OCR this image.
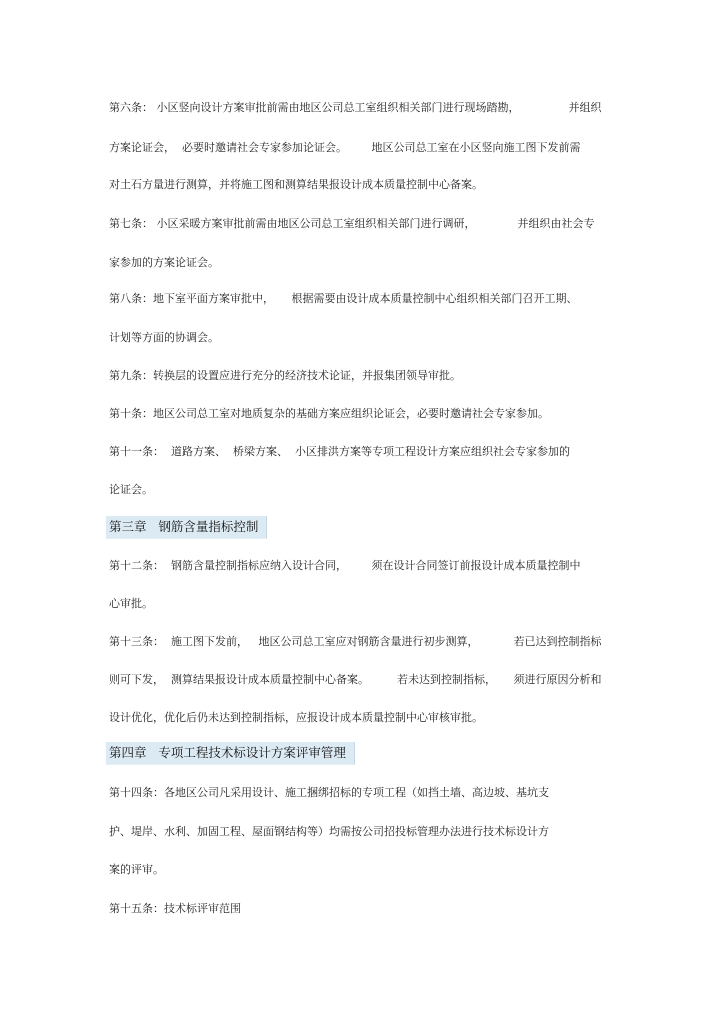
第六条： 小区竖向设计方案审批前需由地区公司总工室组织相关部门进行现场踏勘，              并组织
方案论证会，  必要时邀请社会专家参加论证会。       地区公司总工室在小区竖向施工图下发前需
对土石方量进行测算，并将施工图和测算结果报设计成本质量控制中心备案。
第七条： 小区采暖方案审批前需由地区公司总工室组织相关部门进行调研，            并组织由社会专
家参加的方案论证会。
第八条：地下室平面方案审批中，     根据需要由设计成本质量控制中心组织相关部门召开工期、
计划等方面的协调会。
第九条：转换层的设置应进行充分的经济技术论证，并报集团领导审批。
第十条：地区公司总工室对地质复杂的基础方案应组织论证会，必要时邀请社会专家参加。
第十一条：  道路方案、  桥梁方案、  小区排洪方案等专项工程设计方案应组织社会专家参加的
论证会。
第三章   钢筋含量指标控制
第十二条：  钢筋含量控制指标应纳入设计合同，       须在设计合同签订前报设计成本质量控制中
心审批。
第十三条：  施工图下发前，   地区公司总工室应对钢筋含量进行初步测算，          若已达到控制指标
则可下发，  测算结果报设计成本质量控制中心备案。        若未达到控制指标，     须进行原因分析和
设计优化，优化后仍未达到控制指标，应报设计成本质量控制中心审核审批。
第四章   专项工程技术标设计方案评审管理
第十四条：各地区公司凡采用设计、施工捆绑招标的专项工程（如挡土墙、高边坡、基坑支
护、堤岸、水利、加固工程、屋面钢结构等）均需按公司招投标管理办法进行技术标设计方
案的评审。
第十五条：技术标评审范围
